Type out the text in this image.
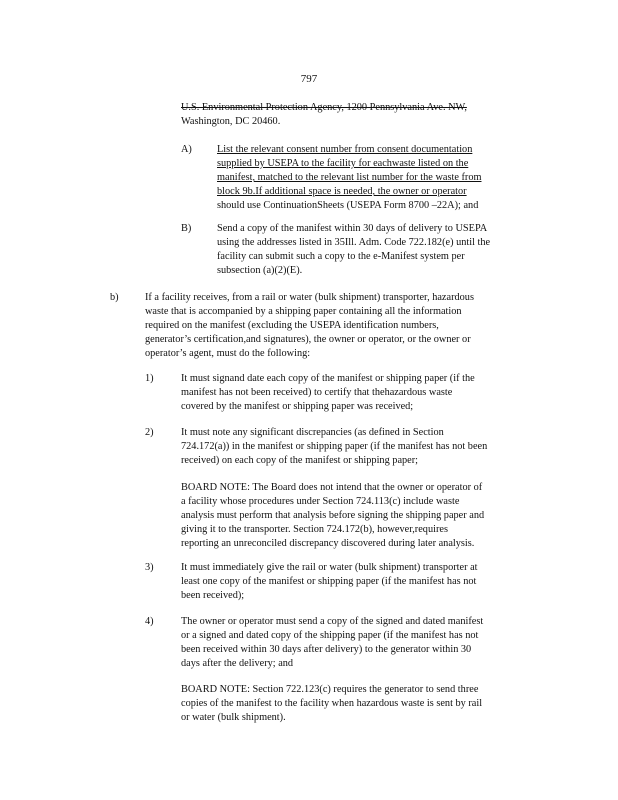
797
U.S. Environmental Protection Agency, 1200 Pennsylvania Ave. NW,
Washington, DC 20460.
A) List the relevant consent number from consent documentation
supplied by USEPA to the facility for eachwaste listed on the
manifest, matched to the relevant list number for the waste from
block 9b.If additional space is needed, the owner or operator
should use ContinuationSheets (USEPA Form 8700 –22A); and
B) Send a copy of the manifest within 30 days of delivery to USEPA
using the addresses listed in 35Ill. Adm. Code 722.182(e) until the
facility can submit such a copy to the e-Manifest system per
subsection (a)(2)(E).
b)	If a facility receives, from a rail or water (bulk shipment) transporter, hazardous
waste that is accompanied by a shipping paper containing all the information
required on the manifest (excluding the USEPA identification numbers,
generator’s certification,and signatures), the owner or operator, or the owner or
operator’s agent, must do the following:
1)	It must signand date each copy of the manifest or shipping paper (if the
manifest has not been received) to certify that thehazardous waste
covered by the manifest or shipping paper was received;
2)	It must note any significant discrepancies (as defined in Section
724.172(a)) in the manifest or shipping paper (if the manifest has not been
received) on each copy of the manifest or shipping paper;
BOARD NOTE: The Board does not intend that the owner or operator of
a facility whose procedures under Section 724.113(c) include waste
analysis must perform that analysis before signing the shipping paper and
giving it to the transporter. Section 724.172(b), however,requires
reporting an unreconciled discrepancy discovered during later analysis.
3)	It must immediately give the rail or water (bulk shipment) transporter at
least one copy of the manifest or shipping paper (if the manifest has not
been received);
4)	The owner or operator must send a copy of the signed and dated manifest
or a signed and dated copy of the shipping paper (if the manifest has not
been received within 30 days after delivery) to the generator within 30
days after the delivery; and
BOARD NOTE: Section 722.123(c) requires the generator to send three
copies of the manifest to the facility when hazardous waste is sent by rail
or water (bulk shipment).
